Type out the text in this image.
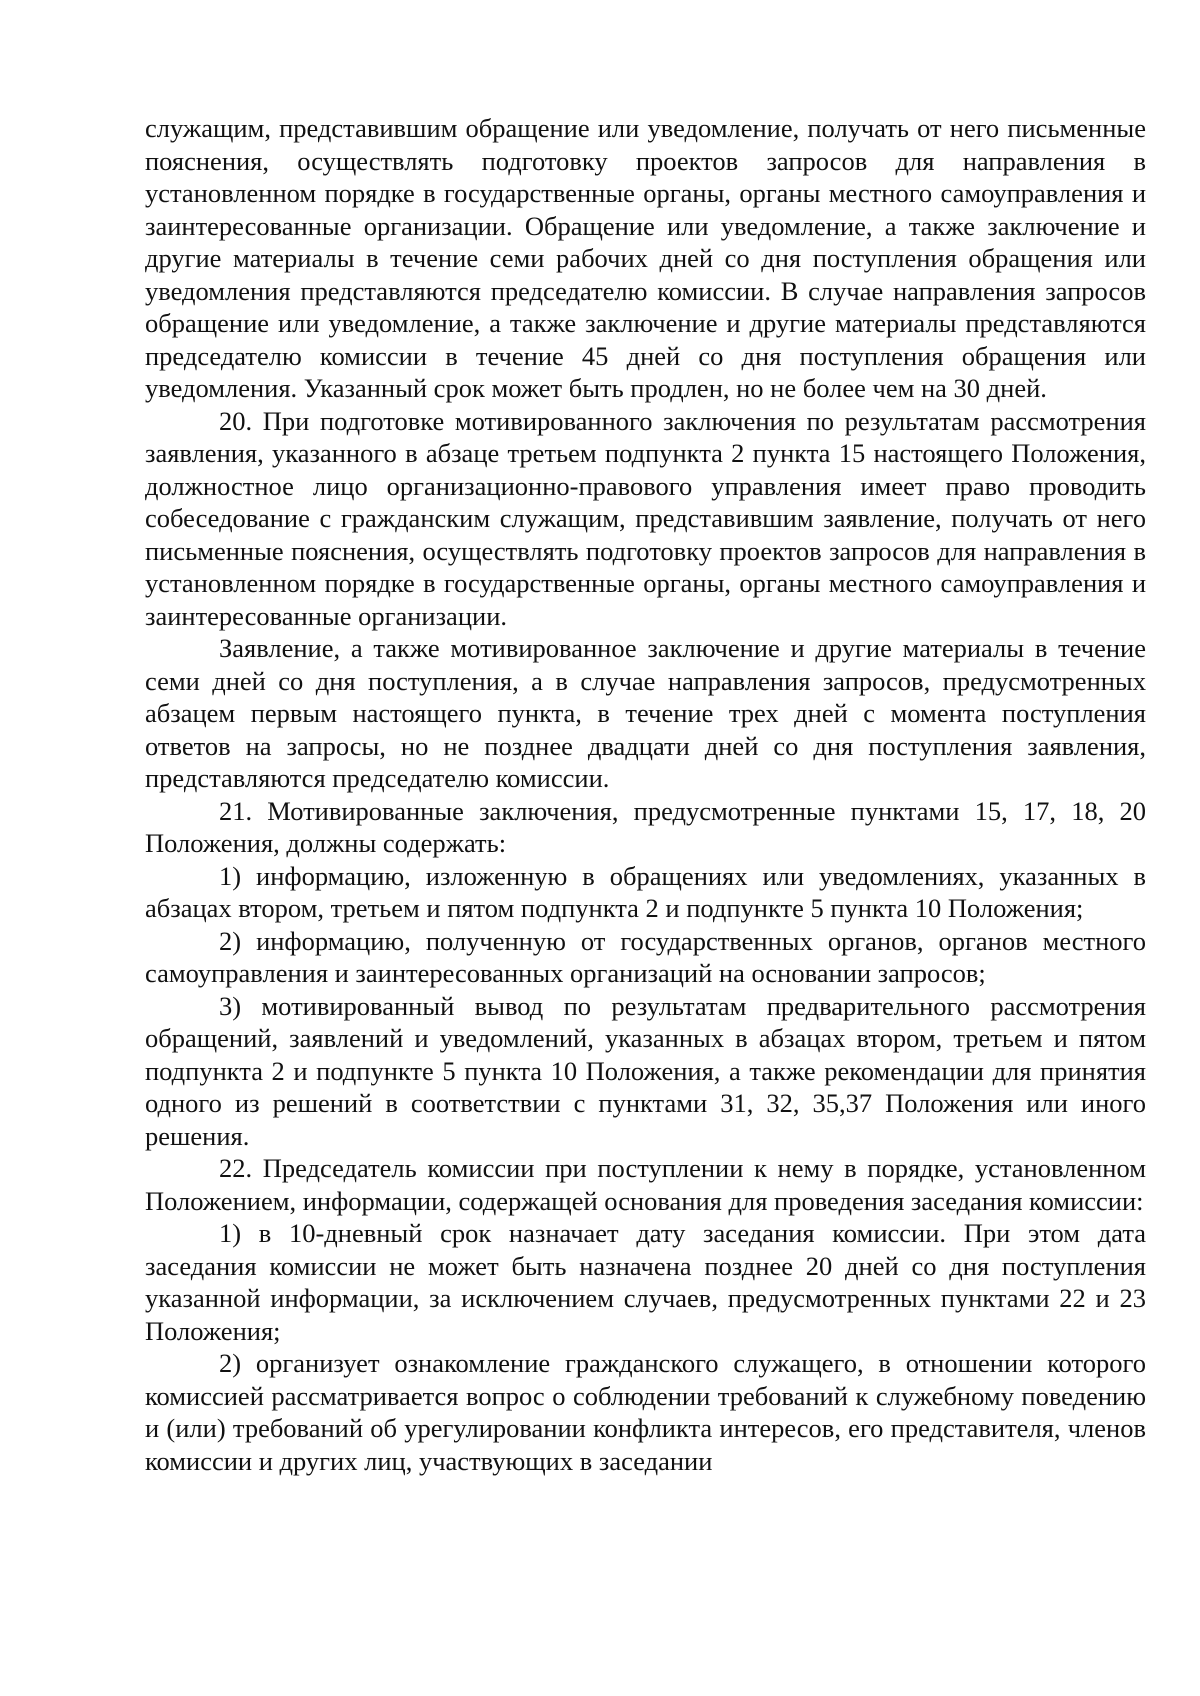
служащим, представившим обращение или уведомление, получать от него письменные пояснения, осуществлять подготовку проектов запросов для направления в установленном порядке в государственные органы, органы местного самоуправления и заинтересованные организации. Обращение или уведомление, а также заключение и другие материалы в течение семи рабочих дней со дня поступления обращения или уведомления представляются председателю комиссии. В случае направления запросов обращение или уведомление, а также заключение и другие материалы представляются председателю комиссии в течение 45 дней со дня поступления обращения или уведомления. Указанный срок может быть продлен, но не более чем на 30 дней.

20. При подготовке мотивированного заключения по результатам рассмотрения заявления, указанного в абзаце третьем подпункта 2 пункта 15 настоящего Положения, должностное лицо организационно-правового управления имеет право проводить собеседование с гражданским служащим, представившим заявление, получать от него письменные пояснения, осуществлять подготовку проектов запросов для направления в установленном порядке в государственные органы, органы местного самоуправления и заинтересованные организации.

Заявление, а также мотивированное заключение и другие материалы в течение семи дней со дня поступления, а в случае направления запросов, предусмотренных абзацем первым настоящего пункта, в течение трех дней с момента поступления ответов на запросы, но не позднее двадцати дней со дня поступления заявления, представляются председателю комиссии.

21. Мотивированные заключения, предусмотренные пунктами 15, 17, 18, 20 Положения, должны содержать:

1) информацию, изложенную в обращениях или уведомлениях, указанных в абзацах втором, третьем и пятом подпункта 2 и подпункте 5 пункта 10 Положения;

2) информацию, полученную от государственных органов, органов местного самоуправления и заинтересованных организаций на основании запросов;

3) мотивированный вывод по результатам предварительного рассмотрения обращений, заявлений и уведомлений, указанных в абзацах втором, третьем и пятом подпункта 2 и подпункте 5 пункта 10 Положения, а также рекомендации для принятия одного из решений в соответствии с пунктами 31, 32, 35,37 Положения или иного решения.

22. Председатель комиссии при поступлении к нему в порядке, установленном Положением, информации, содержащей основания для проведения заседания комиссии:

1) в 10-дневный срок назначает дату заседания комиссии. При этом дата заседания комиссии не может быть назначена позднее 20 дней со дня поступления указанной информации, за исключением случаев, предусмотренных пунктами 22 и 23 Положения;

2) организует ознакомление гражданского служащего, в отношении которого комиссией рассматривается вопрос о соблюдении требований к служебному поведению и (или) требований об урегулировании конфликта интересов, его представителя, членов комиссии и других лиц, участвующих в заседании
